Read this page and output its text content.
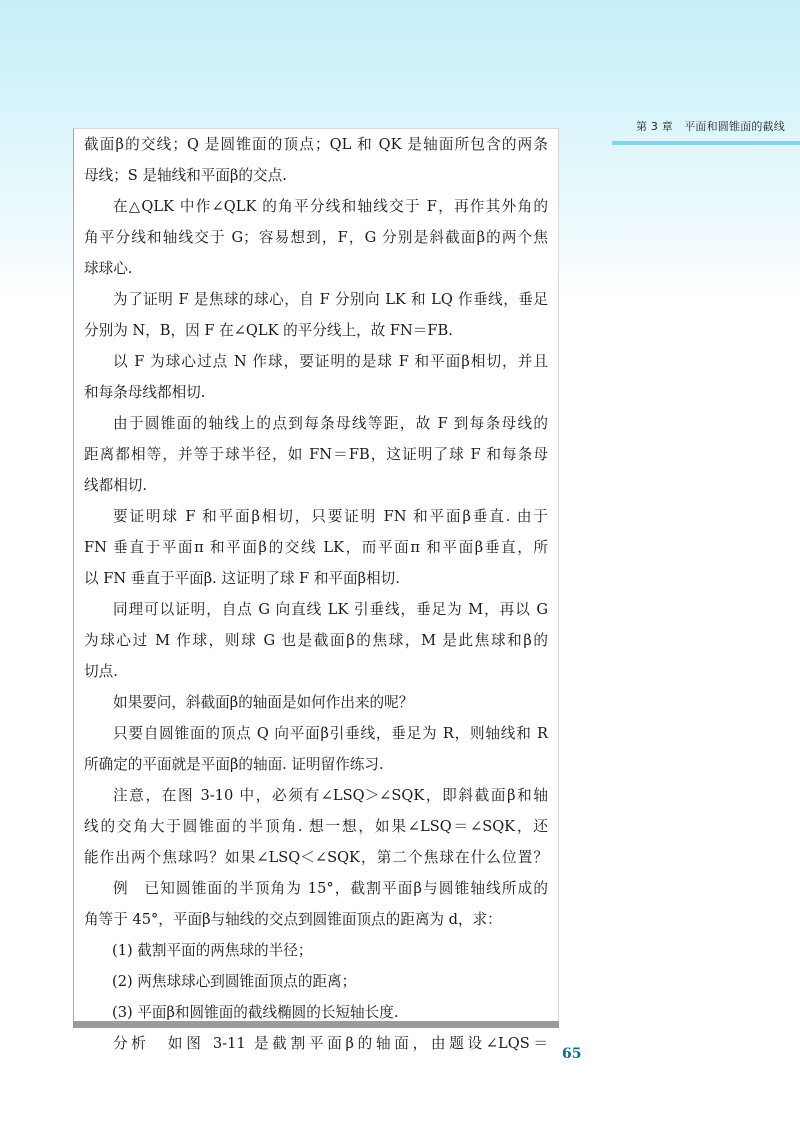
第 3 章　平面和圆锥面的截线
截面β的交线；Q 是圆锥面的顶点；QL 和 QK 是轴面所包含的两条
母线；S 是轴线和平面β的交点.
在△QLK 中作∠QLK 的角平分线和轴线交于 F，再作其外角的
角平分线和轴线交于 G；容易想到，F，G 分别是斜截面β的两个焦
球球心.
为了证明 F 是焦球的球心，自 F 分别向 LK 和 LQ 作垂线，垂足
分别为 N，B，因 F 在∠QLK 的平分线上，故 FN＝FB.
以 F 为球心过点 N 作球，要证明的是球 F 和平面β相切，并且
和每条母线都相切.
由于圆锥面的轴线上的点到每条母线等距，故 F 到每条母线的
距离都相等，并等于球半径，如 FN＝FB，这证明了球 F 和每条母
线都相切.
要证明球 F 和平面β相切，只要证明 FN 和平面β垂直. 由于
FN 垂直于平面π 和平面β的交线 LK，而平面π 和平面β垂直，所
以 FN 垂直于平面β. 这证明了球 F 和平面β相切.
同理可以证明，自点 G 向直线 LK 引垂线，垂足为 M，再以 G
为球心过 M 作球，则球 G 也是截面β的焦球，M 是此焦球和β的
切点.
如果要问，斜截面β的轴面是如何作出来的呢？
只要自圆锥面的顶点 Q 向平面β引垂线，垂足为 R，则轴线和 R
所确定的平面就是平面β的轴面. 证明留作练习.
注意，在图 3-10 中，必须有∠LSQ＞∠SQK，即斜截面β和轴
线的交角大于圆锥面的半顶角. 想一想，如果∠LSQ＝∠SQK，还
能作出两个焦球吗？如果∠LSQ＜∠SQK，第二个焦球在什么位置？
例　已知圆锥面的半顶角为 15°，截割平面β与圆锥轴线所成的
角等于 45°，平面β与轴线的交点到圆锥面顶点的距离为 d，求：
(1) 截割平面的两焦球的半径；
(2) 两焦球球心到圆锥面顶点的距离；
(3) 平面β和圆锥面的截线椭圆的长短轴长度.
分析　如图 3-11 是截割平面β的轴面，由题设∠LQS＝
65
